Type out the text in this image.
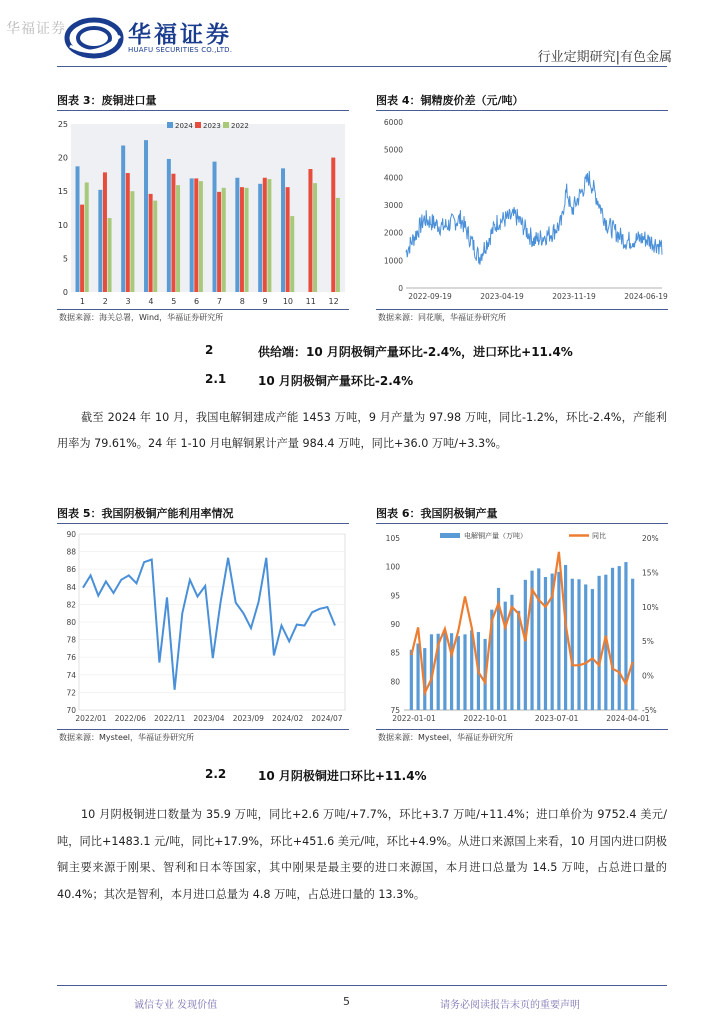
华福证券	华福证券
HUAFU SECURITIES CO.,LTD.	行业定期研究|有色金属
图表 3：废铜进口量
0
5
10
15
20
25
1 2 3 4 5 6 7 8 9 10 11 12
2024 2023 2022
数据来源：海关总署，Wind，华福证券研究所
图表 4：铜精废价差（元/吨）
0
1000
2000
3000
4000
5000
6000
2022-09-19	2023-04-19	2023-11-19	2024-06-19
数据来源：同花顺，华福证券研究所
2	供给端：10 月阴极铜产量环比-2.4%，进口环比+11.4%
2.1	10 月阴极铜产量环比-2.4%

截至 2024 年 10 月，我国电解铜建成产能 1453 万吨，9 月产量为 97.98 万吨，同比-1.2%，环比-2.4%，产能利用率为 79.61%。24 年 1-10 月电解铜累计产量 984.4 万吨，同比+36.0 万吨/+3.3%。

图表 5：我国阴极铜产能利用率情况
70
72
74
76
78
80
82
84
86
88
90
2022/01 2022/06 2022/11 2023/04 2023/09 2024/02 2024/07
数据来源：Mysteel，华福证券研究所
图表 6：我国阴极铜产量
75
80
85
90
95
100
105
-5%
0%
5%
10%
15%
20%
2022-01-01	2022-10-01	2023-07-01	2024-04-01
电解铜产量（万吨）	同比
数据来源：Mysteel，华福证券研究所
2.2	10 月阴极铜进口环比+11.4%

10 月阴极铜进口数量为 35.9 万吨，同比+2.6 万吨/+7.7%，环比+3.7 万吨/+11.4%；进口单价为 9752.4 美元/吨，同比+1483.1 元/吨，同比+17.9%，环比+451.6 美元/吨，环比+4.9%。从进口来源国上来看，10 月国内进口阴极铜主要来源于刚果、智利和日本等国家，其中刚果是最主要的进口来源国，本月进口总量为 14.5 万吨，占总进口量的 40.4%；其次是智利，本月进口总量为 4.8 万吨，占总进口量的 13.3%。

诚信专业 发现价值	5	请务必阅读报告末页的重要声明
